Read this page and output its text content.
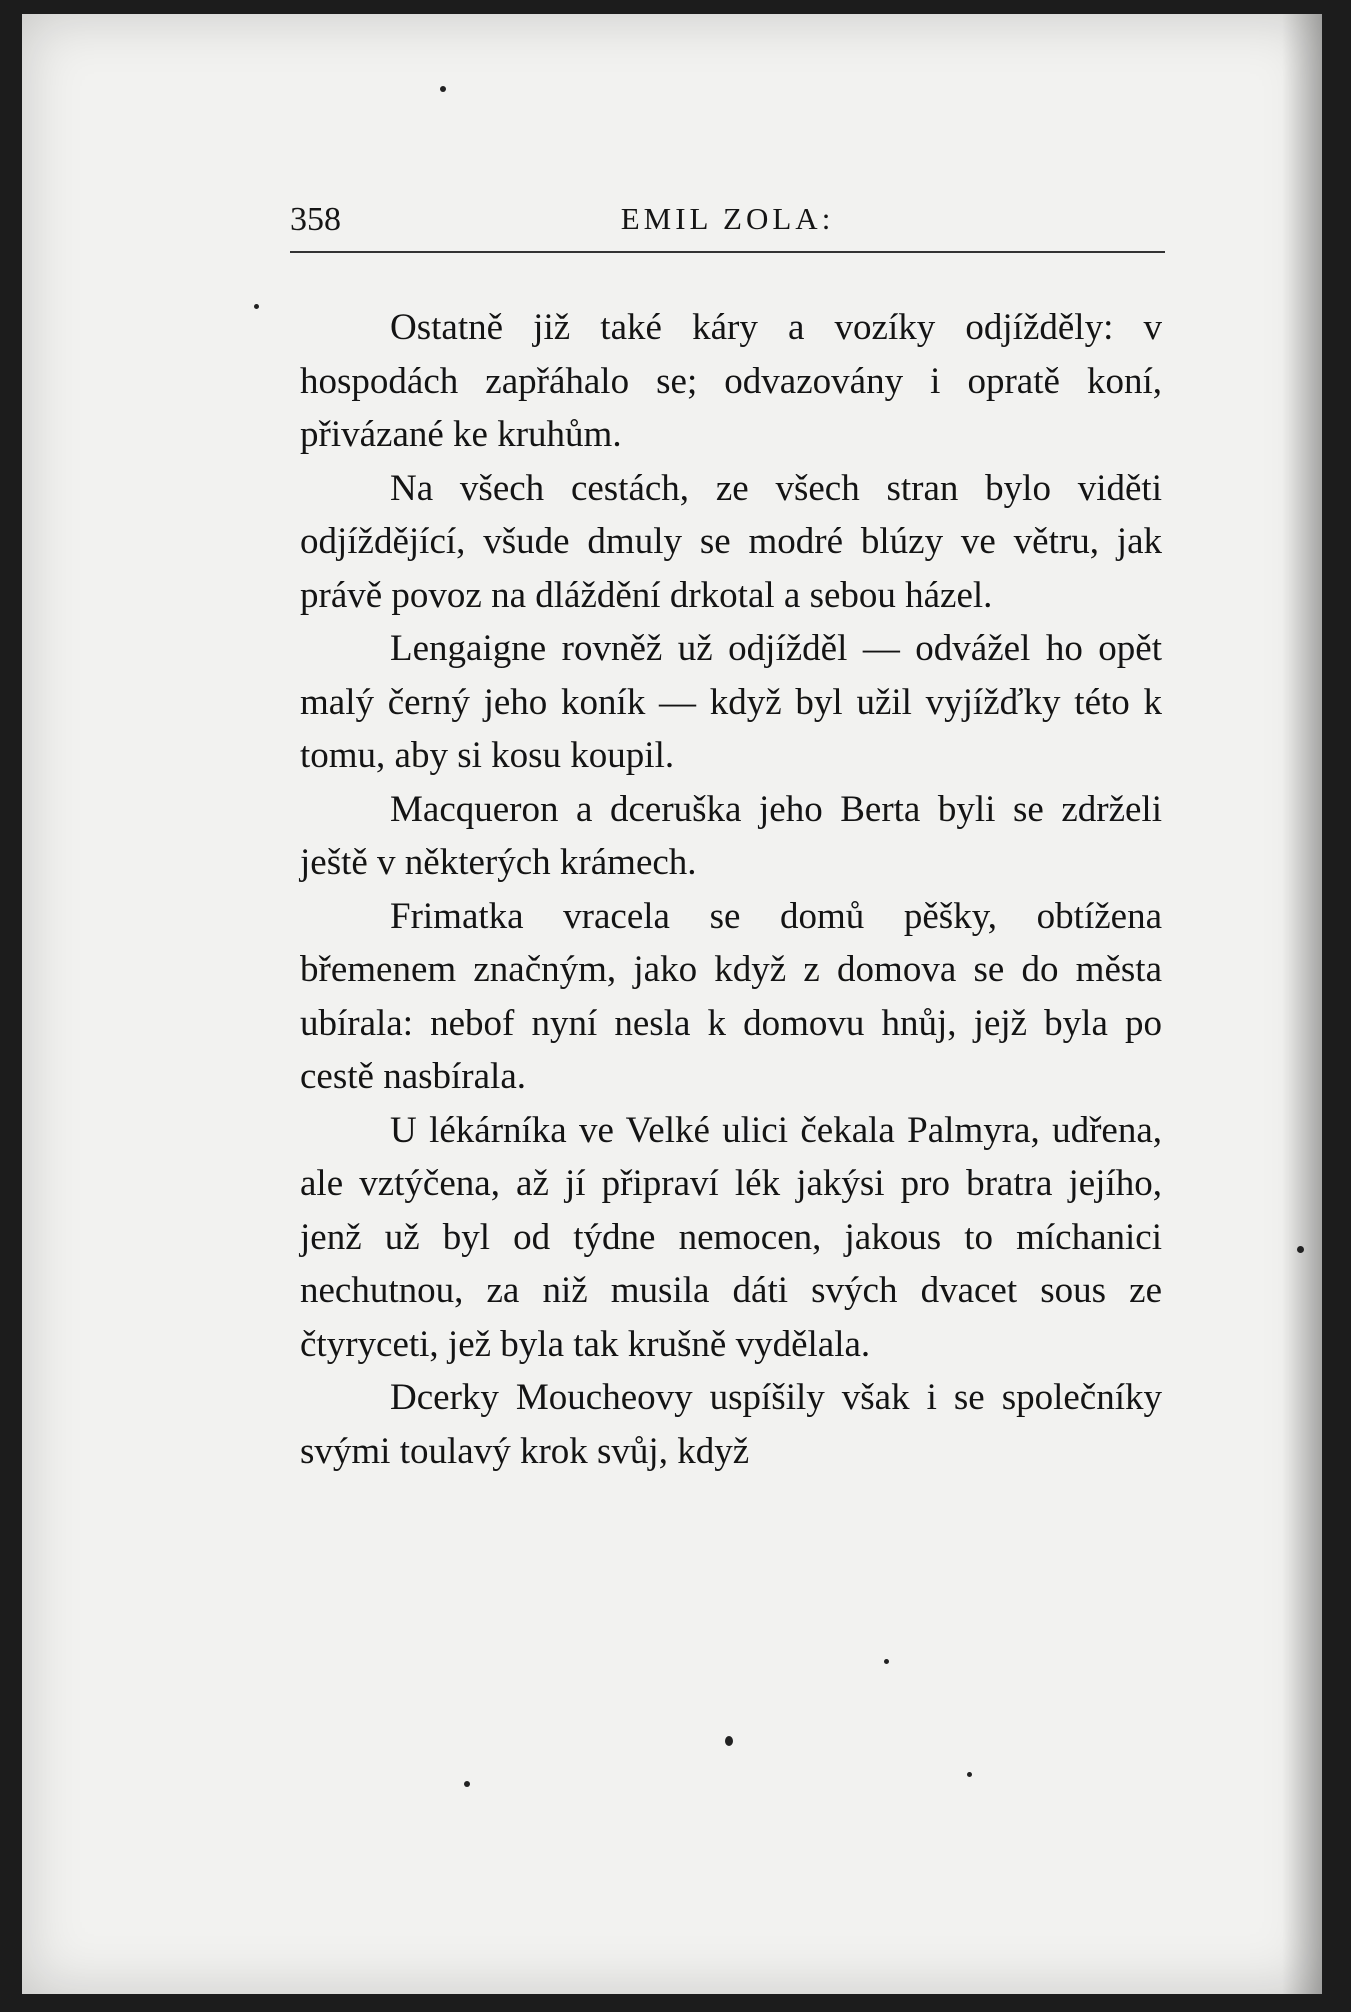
358	EMIL ZOLA:

Ostatně již také káry a vozíky odjížděly: v hospodách zapřáhalo se; odvazovány i opratě koní, přivázané ke kruhům.

Na všech cestách, ze všech stran bylo viděti odjíždějící, všude dmuly se modré blúzy ve větru, jak právě povoz na dláždění drkotal a sebou házel.

Lengaigne rovněž už odjížděl — odvážel ho opět malý černý jeho koník — když byl užil vyjížďky této k tomu, aby si kosu koupil.

Macqueron a dceruška jeho Berta byli se zdrželi ještě v některých krámech.

Frimatka vracela se domů pěšky, obtížena břemenem značným, jako když z domova se do města ubírala: nebof nyní nesla k domovu hnůj, jejž byla po cestě nasbírala.

U lékárníka ve Velké ulici čekala Palmyra, udřena, ale vztýčena, až jí připraví lék jakýsi pro bratra jejího, jenž už byl od týdne nemocen, jakous to míchanici nechutnou, za niž musila dáti svých dvacet sous ze čtyryceti, jež byla tak krušně vydělala.

Dcerky Moucheovy uspíšily však i se společníky svými toulavý krok svůj, když
